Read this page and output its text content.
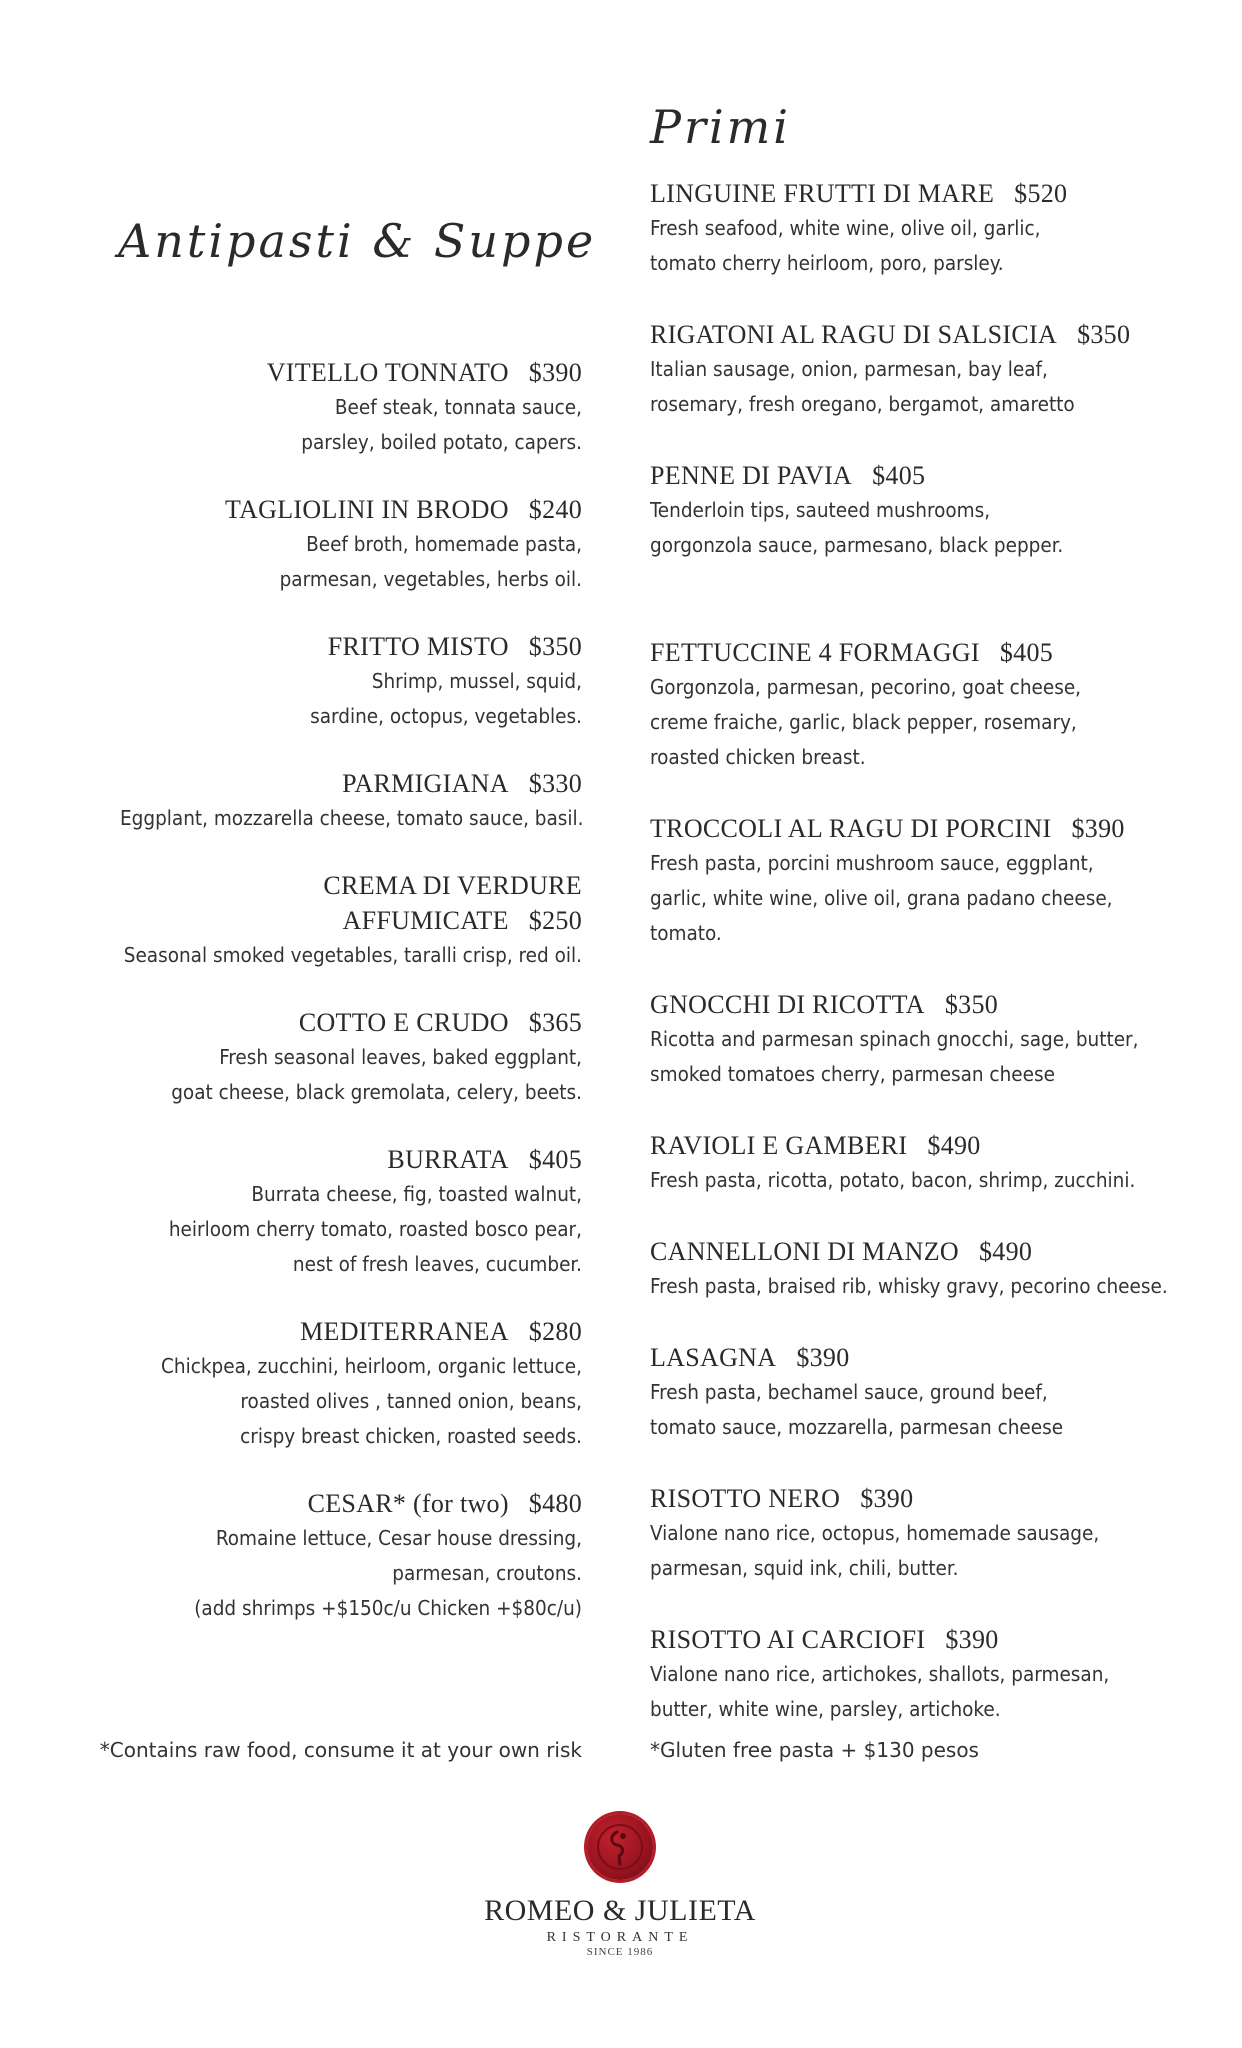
Antipasti & Suppe
Primi
VITELLO TONNATO $390
Beef steak, tonnata sauce,
parsley, boiled potato, capers.
TAGLIOLINI IN BRODO $240
Beef broth, homemade pasta,
parmesan, vegetables, herbs oil.
FRITTO MISTO $350
Shrimp, mussel, squid,
sardine, octopus, vegetables.
PARMIGIANA $330
Eggplant, mozzarella cheese, tomato sauce, basil.
CREMA DI VERDURE
AFFUMICATE $250
Seasonal smoked vegetables, taralli crisp, red oil.
COTTO E CRUDO $365
Fresh seasonal leaves, baked eggplant,
goat cheese, black gremolata, celery, beets.
BURRATA $405
Burrata cheese, fig, toasted walnut,
heirloom cherry tomato, roasted bosco pear,
nest of fresh leaves, cucumber.
MEDITERRANEA $280
Chickpea, zucchini, heirloom, organic lettuce,
roasted olives , tanned onion, beans,
crispy breast chicken, roasted seeds.
CESAR* (for two) $480
Romaine lettuce, Cesar house dressing,
parmesan, croutons.
(add shrimps +$150c/u Chicken +$80c/u)
LINGUINE FRUTTI DI MARE $520
Fresh seafood, white wine, olive oil, garlic,
tomato cherry heirloom, poro, parsley.
RIGATONI AL RAGU DI SALSICIA $350
Italian sausage, onion, parmesan, bay leaf,
rosemary, fresh oregano, bergamot, amaretto
PENNE DI PAVIA $405
Tenderloin tips, sauteed mushrooms,
gorgonzola sauce, parmesano, black pepper.
FETTUCCINE 4 FORMAGGI $405
Gorgonzola, parmesan, pecorino, goat cheese,
creme fraiche, garlic, black pepper, rosemary,
roasted chicken breast.
TROCCOLI AL RAGU DI PORCINI $390
Fresh pasta, porcini mushroom sauce, eggplant,
garlic, white wine, olive oil, grana padano cheese,
tomato.
GNOCCHI DI RICOTTA $350
Ricotta and parmesan spinach gnocchi, sage, butter,
smoked tomatoes cherry, parmesan cheese
RAVIOLI E GAMBERI $490
Fresh pasta, ricotta, potato, bacon, shrimp, zucchini.
CANNELLONI DI MANZO $490
Fresh pasta, braised rib, whisky gravy, pecorino cheese.
LASAGNA $390
Fresh pasta, bechamel sauce, ground beef,
tomato sauce, mozzarella, parmesan cheese
RISOTTO NERO $390
Vialone nano rice, octopus, homemade sausage,
parmesan, squid ink, chili, butter.
RISOTTO AI CARCIOFI $390
Vialone nano rice, artichokes, shallots, parmesan,
butter, white wine, parsley, artichoke.
*Contains raw food, consume it at your own risk	*Gluten free pasta + $130 pesos
ROMEO & JULIETA
RISTORANTE
SINCE 1986
